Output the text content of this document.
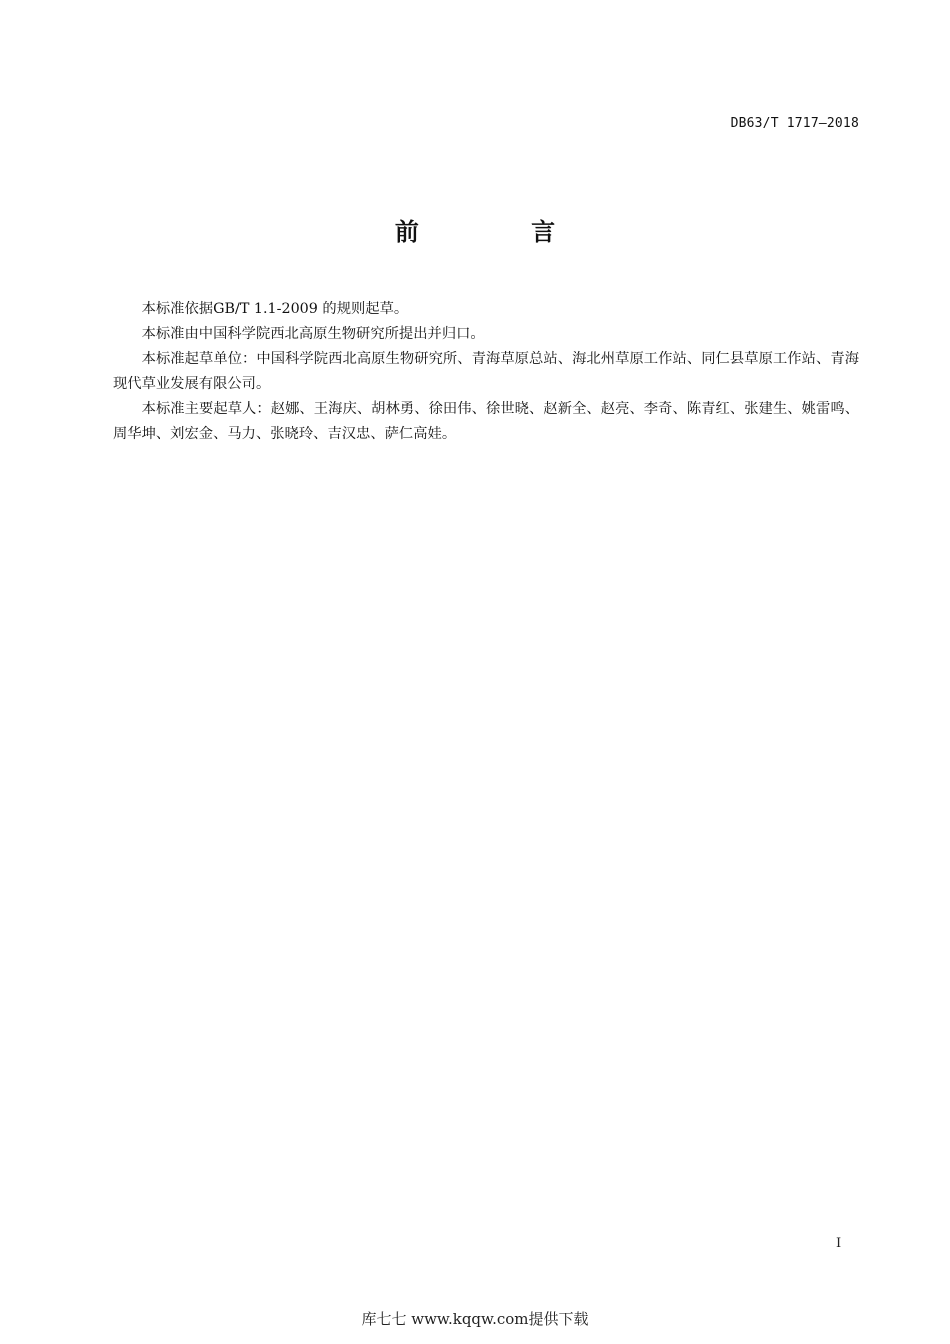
DB63/T 1717—2018
前 言

本标准依据GB/T 1.1-2009 的规则起草。

本标准由中国科学院西北高原生物研究所提出并归口。

本标准起草单位：中国科学院西北高原生物研究所、青海草原总站、海北州草原工作站、同仁县草原工作站、青海现代草业发展有限公司。

本标准主要起草人：赵娜、王海庆、胡林勇、徐田伟、徐世晓、赵新全、赵亮、李奇、陈青红、张建生、姚雷鸣、周华坤、刘宏金、马力、张晓玲、吉汉忠、萨仁高娃。

I
库七七 www.kqqw.com提供下载
